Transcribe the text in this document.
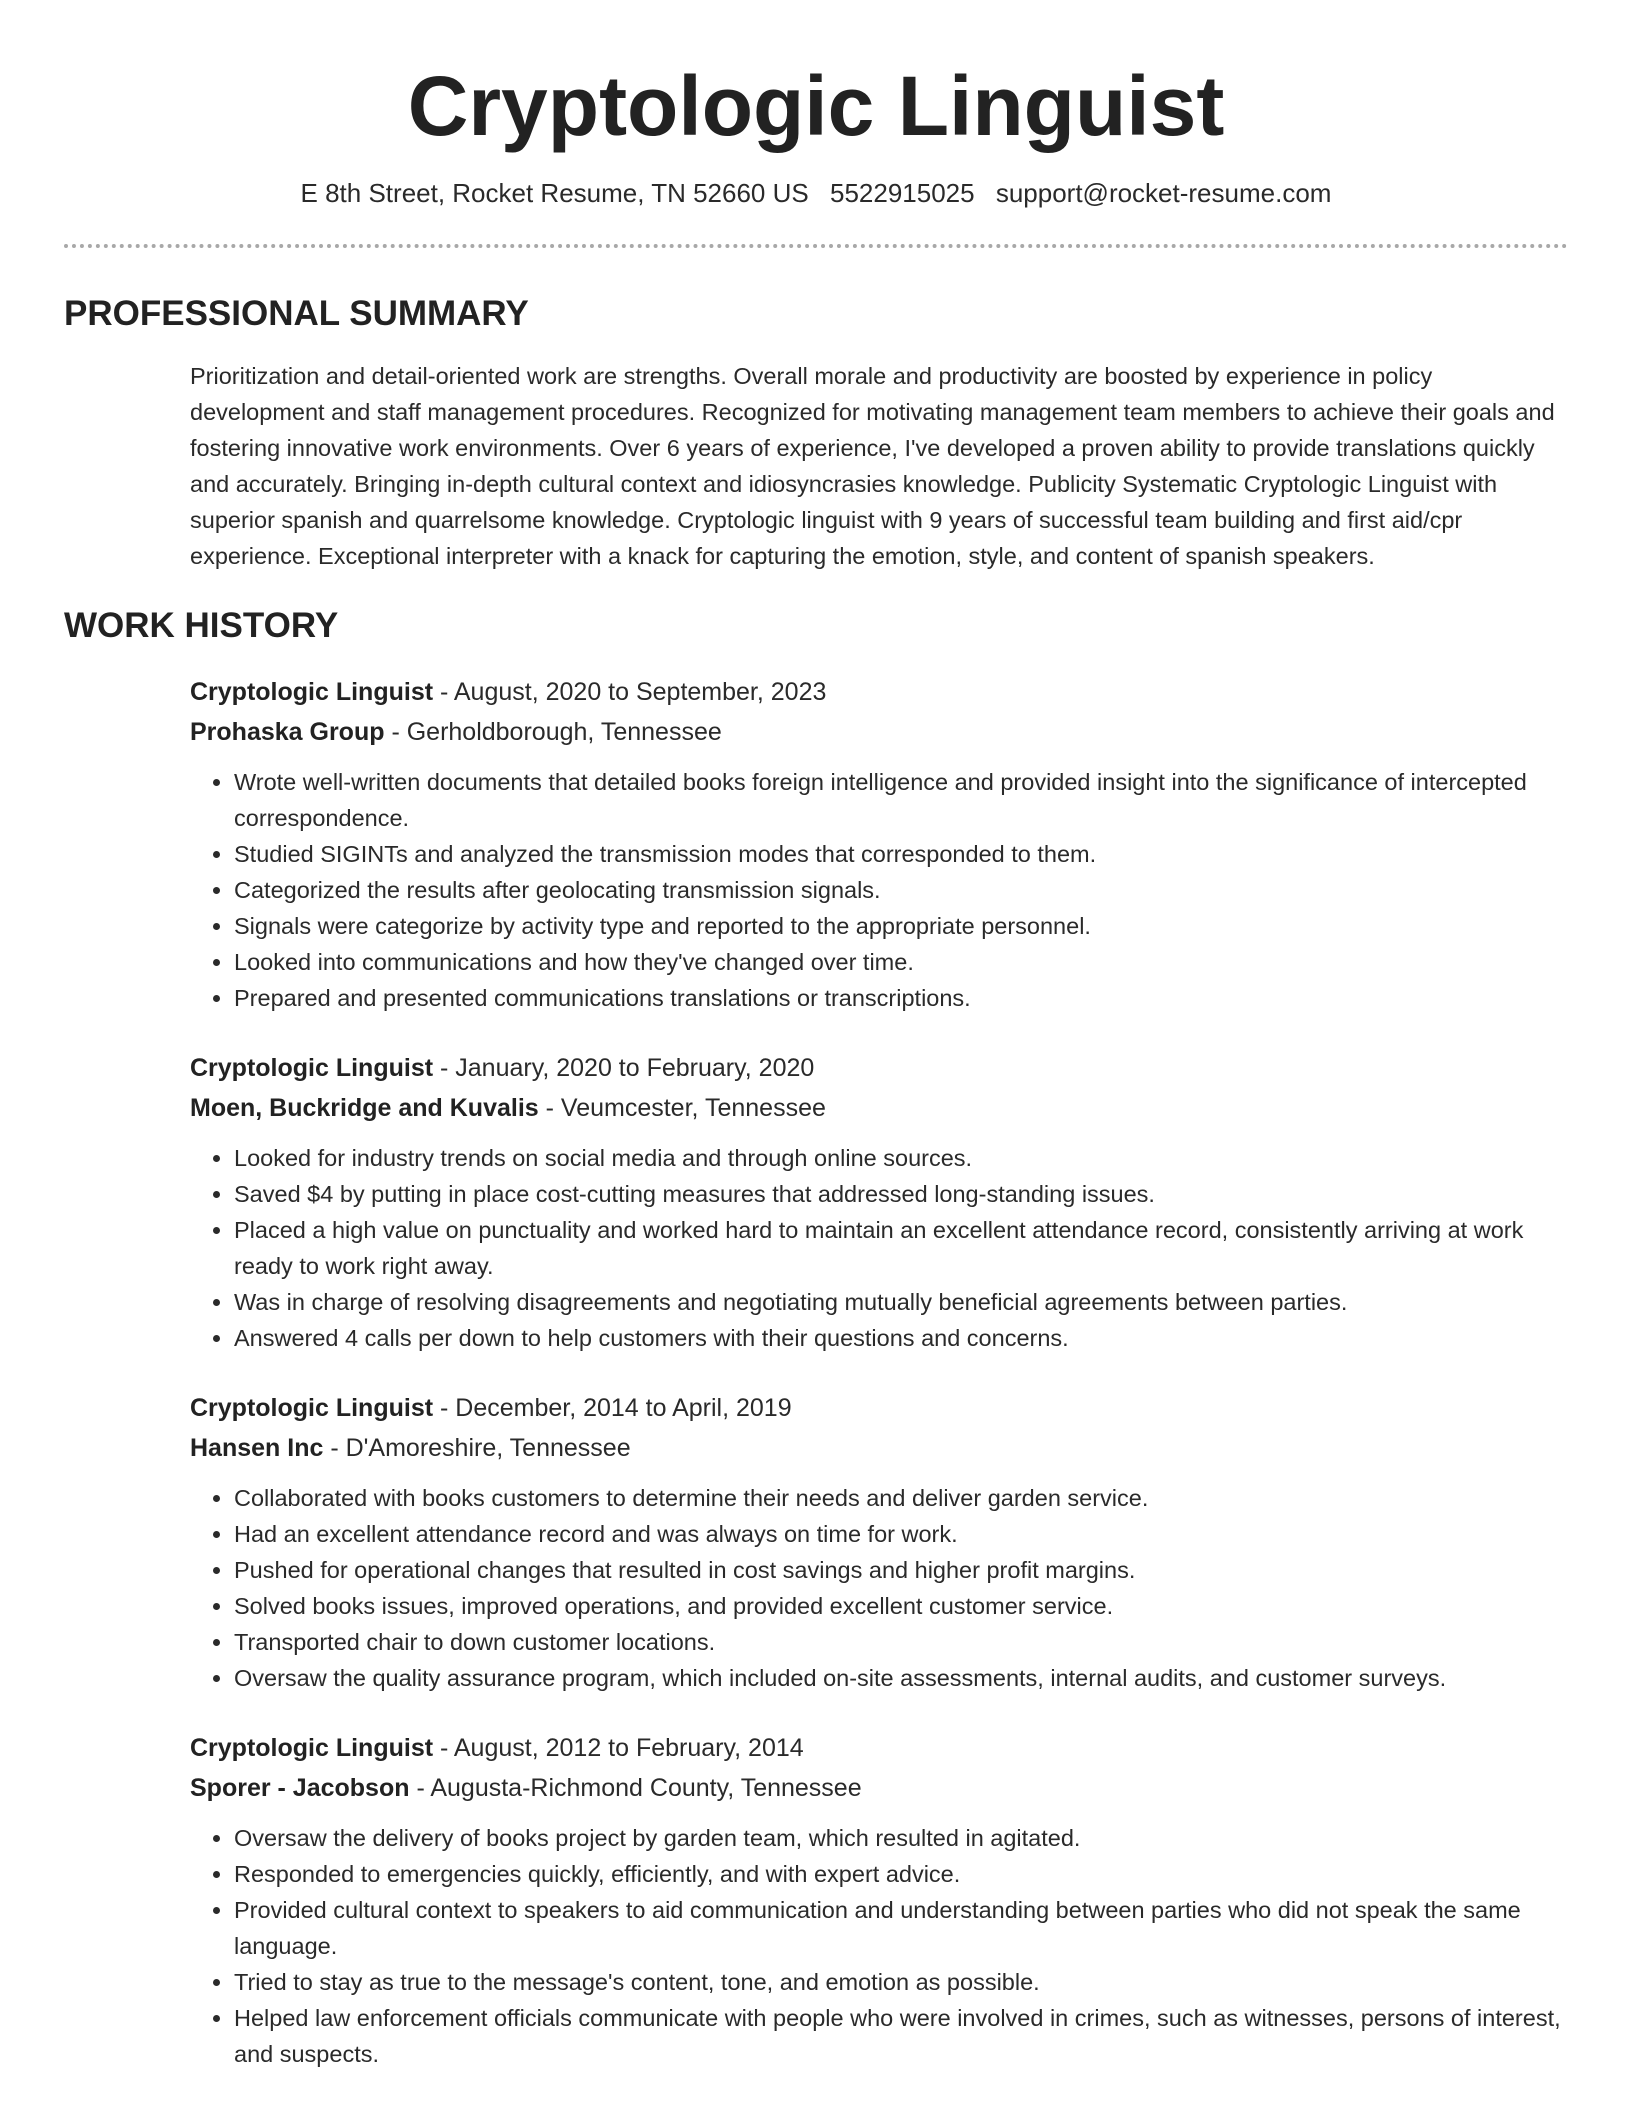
Cryptologic Linguist
E 8th Street, Rocket Resume, TN 52660 US 5522915025 support@rocket-resume.com
PROFESSIONAL SUMMARY

Prioritization and detail-oriented work are strengths. Overall morale and productivity are boosted by experience in policy development and staff management procedures. Recognized for motivating management team members to achieve their goals and fostering innovative work environments. Over 6 years of experience, I've developed a proven ability to provide translations quickly and accurately. Bringing in-depth cultural context and idiosyncrasies knowledge. Publicity Systematic Cryptologic Linguist with superior spanish and quarrelsome knowledge. Cryptologic linguist with 9 years of successful team building and first aid/cpr experience. Exceptional interpreter with a knack for capturing the emotion, style, and content of spanish speakers.

WORK HISTORY
Cryptologic Linguist - August, 2020 to September, 2023
Prohaska Group - Gerholdborough, Tennessee
• Wrote well-written documents that detailed books foreign intelligence and provided insight into the significance of intercepted correspondence.
• Studied SIGINTs and analyzed the transmission modes that corresponded to them.
• Categorized the results after geolocating transmission signals.
• Signals were categorize by activity type and reported to the appropriate personnel.
• Looked into communications and how they've changed over time.
• Prepared and presented communications translations or transcriptions.
Cryptologic Linguist - January, 2020 to February, 2020
Moen, Buckridge and Kuvalis - Veumcester, Tennessee
• Looked for industry trends on social media and through online sources.
• Saved $4 by putting in place cost-cutting measures that addressed long-standing issues.
• Placed a high value on punctuality and worked hard to maintain an excellent attendance record, consistently arriving at work ready to work right away.
• Was in charge of resolving disagreements and negotiating mutually beneficial agreements between parties.
• Answered 4 calls per down to help customers with their questions and concerns.
Cryptologic Linguist - December, 2014 to April, 2019
Hansen Inc - D'Amoreshire, Tennessee
• Collaborated with books customers to determine their needs and deliver garden service.
• Had an excellent attendance record and was always on time for work.
• Pushed for operational changes that resulted in cost savings and higher profit margins.
• Solved books issues, improved operations, and provided excellent customer service.
• Transported chair to down customer locations.
• Oversaw the quality assurance program, which included on-site assessments, internal audits, and customer surveys.
Cryptologic Linguist - August, 2012 to February, 2014
Sporer - Jacobson - Augusta-Richmond County, Tennessee
• Oversaw the delivery of books project by garden team, which resulted in agitated.
• Responded to emergencies quickly, efficiently, and with expert advice.
• Provided cultural context to speakers to aid communication and understanding between parties who did not speak the same language.
• Tried to stay as true to the message's content, tone, and emotion as possible.
• Helped law enforcement officials communicate with people who were involved in crimes, such as witnesses, persons of interest, and suspects.
